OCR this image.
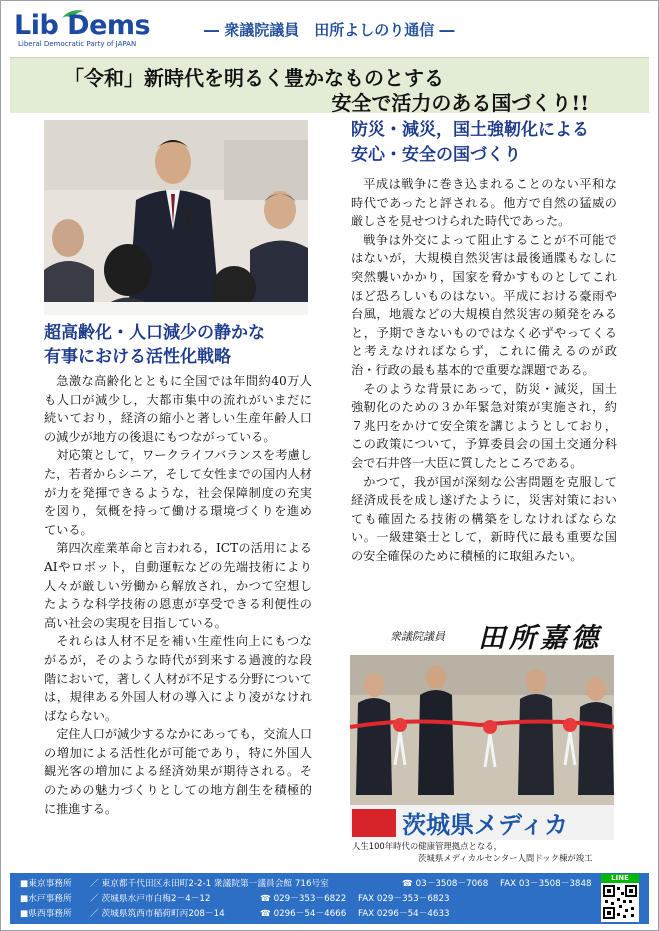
Lib Dems
Liberal Democratic Party of JAPAN
― 衆議院議員　田所よしのり通信 ―
「令和」新時代を明るく豊かなものとする
安全で活力のある国づくり!!
超高齢化・人口減少の静かな
有事における活性化戦略

急激な高齢化とともに全国では年間約40万人も人口が減少し，大都市集中の流れがいまだに続いており，経済の縮小と著しい生産年齢人口の減少が地方の後退にもつながっている。

対応策として，ワークライフバランスを考慮した，若者からシニア，そして女性までの国内人材が力を発揮できるような，社会保障制度の充実を図り，気概を持って働ける環境づくりを進めている。

第四次産業革命と言われる，ICTの活用によるAIやロボット，自動運転などの先端技術により人々が厳しい労働から解放され，かつて空想したような科学技術の恩恵が享受できる利便性の高い社会の実現を目指している。

それらは人材不足を補い生産性向上にもつながるが，そのような時代が到来する過渡的な段階において，著しく人材が不足する分野については，規律ある外国人材の導入により凌がなければならない。

定住人口が減少するなかにあっても，交流人口の増加による活性化が可能であり，特に外国人観光客の増加による経済効果が期待される。そのための魅力づくりとしての地方創生を積極的に推進する。

防災・減災，国土強靭化による
安心・安全の国づくり

平成は戦争に巻き込まれることのない平和な時代であったと評される。他方で自然の猛威の厳しさを見せつけられた時代であった。

戦争は外交によって阻止することが不可能ではないが，大規模自然災害は最後通牒もなしに突然襲いかかり，国家を脅かすものとしてこれほど恐ろしいものはない。平成における豪雨や台風，地震などの大規模自然災害の頻発をみると，予期できないものではなく必ずやってくると考えなければならず，これに備えるのが政治・行政の最も基本的で重要な課題である。

そのような背景にあって，防災・減災，国土強靭化のための３か年緊急対策が実施され，約７兆円をかけて安全策を講じようとしており，この政策について，予算委員会の国土交通分科会で石井啓一大臣に質したところである。

かつて，我が国が深刻な公害問題を克服して経済成長を成し遂げたように，災害対策においても確固たる技術の構築をしなければならない。一級建築士として，新時代に最も重要な国の安全確保のために積極的に取組みたい。

衆議院議員 田所嘉德
茨城県メディカ
人生100年時代の健康管理拠点となる，
茨城県メディカルセンター人間ドック棟が竣工
■東京事務所 ／ 東京都千代田区永田町2-2-1 衆議院第一議員会館 716号室	☎ 03－3508－7068 FAX 03－3508－3848
■水戸事務所 ／ 茨城県水戸市白梅2－4－12	☎ 029－353－6822 FAX 029－353－6823
■県西事務所 ／ 茨城県筑西市稲荷町丙208－14	☎ 0296－54－4666 FAX 0296－54－4633
LINE
